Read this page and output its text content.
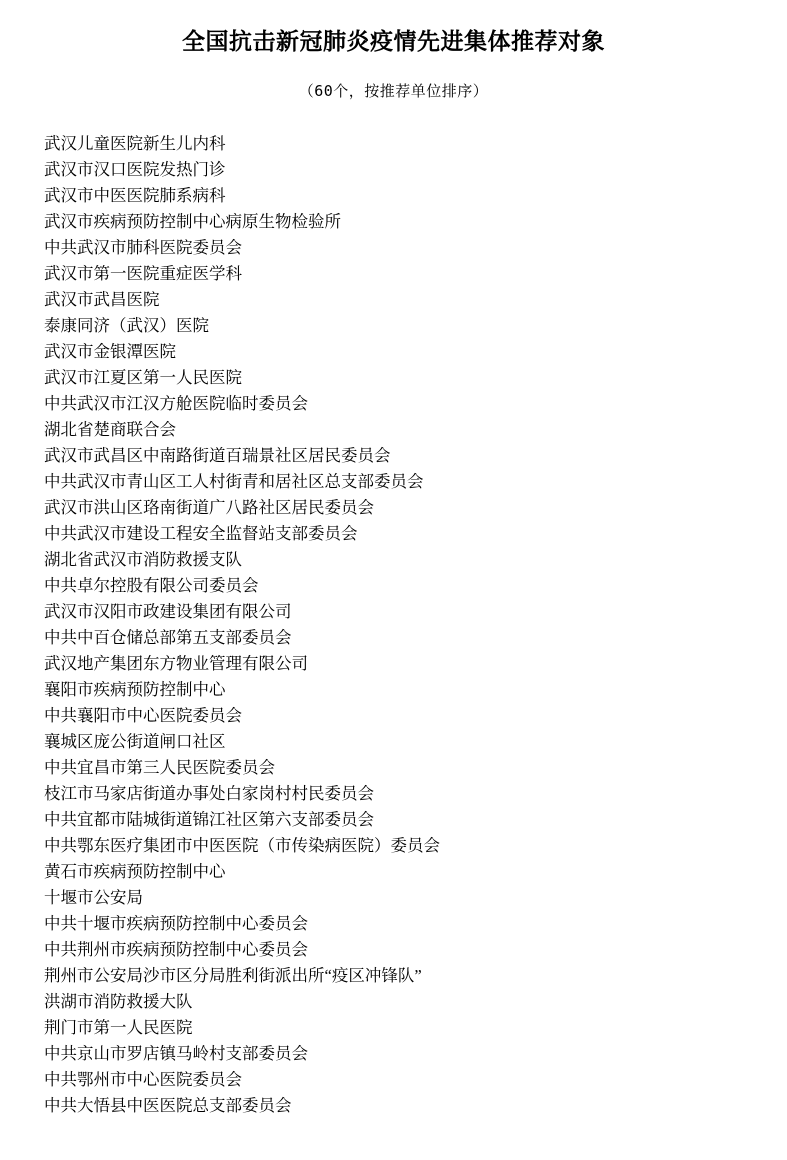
全国抗击新冠肺炎疫情先进集体推荐对象
（60个，按推荐单位排序）
武汉儿童医院新生儿内科
武汉市汉口医院发热门诊
武汉市中医医院肺系病科
武汉市疾病预防控制中心病原生物检验所
中共武汉市肺科医院委员会
武汉市第一医院重症医学科
武汉市武昌医院
泰康同济（武汉）医院
武汉市金银潭医院
武汉市江夏区第一人民医院
中共武汉市江汉方舱医院临时委员会
湖北省楚商联合会
武汉市武昌区中南路街道百瑞景社区居民委员会
中共武汉市青山区工人村街青和居社区总支部委员会
武汉市洪山区珞南街道广八路社区居民委员会
中共武汉市建设工程安全监督站支部委员会
湖北省武汉市消防救援支队
中共卓尔控股有限公司委员会
武汉市汉阳市政建设集团有限公司
中共中百仓储总部第五支部委员会
武汉地产集团东方物业管理有限公司
襄阳市疾病预防控制中心
中共襄阳市中心医院委员会
襄城区庞公街道闸口社区
中共宜昌市第三人民医院委员会
枝江市马家店街道办事处白家岗村村民委员会
中共宜都市陆城街道锦江社区第六支部委员会
中共鄂东医疗集团市中医医院（市传染病医院）委员会
黄石市疾病预防控制中心
十堰市公安局
中共十堰市疾病预防控制中心委员会
中共荆州市疾病预防控制中心委员会
荆州市公安局沙市区分局胜利街派出所“疫区冲锋队”
洪湖市消防救援大队
荆门市第一人民医院
中共京山市罗店镇马岭村支部委员会
中共鄂州市中心医院委员会
中共大悟县中医医院总支部委员会
